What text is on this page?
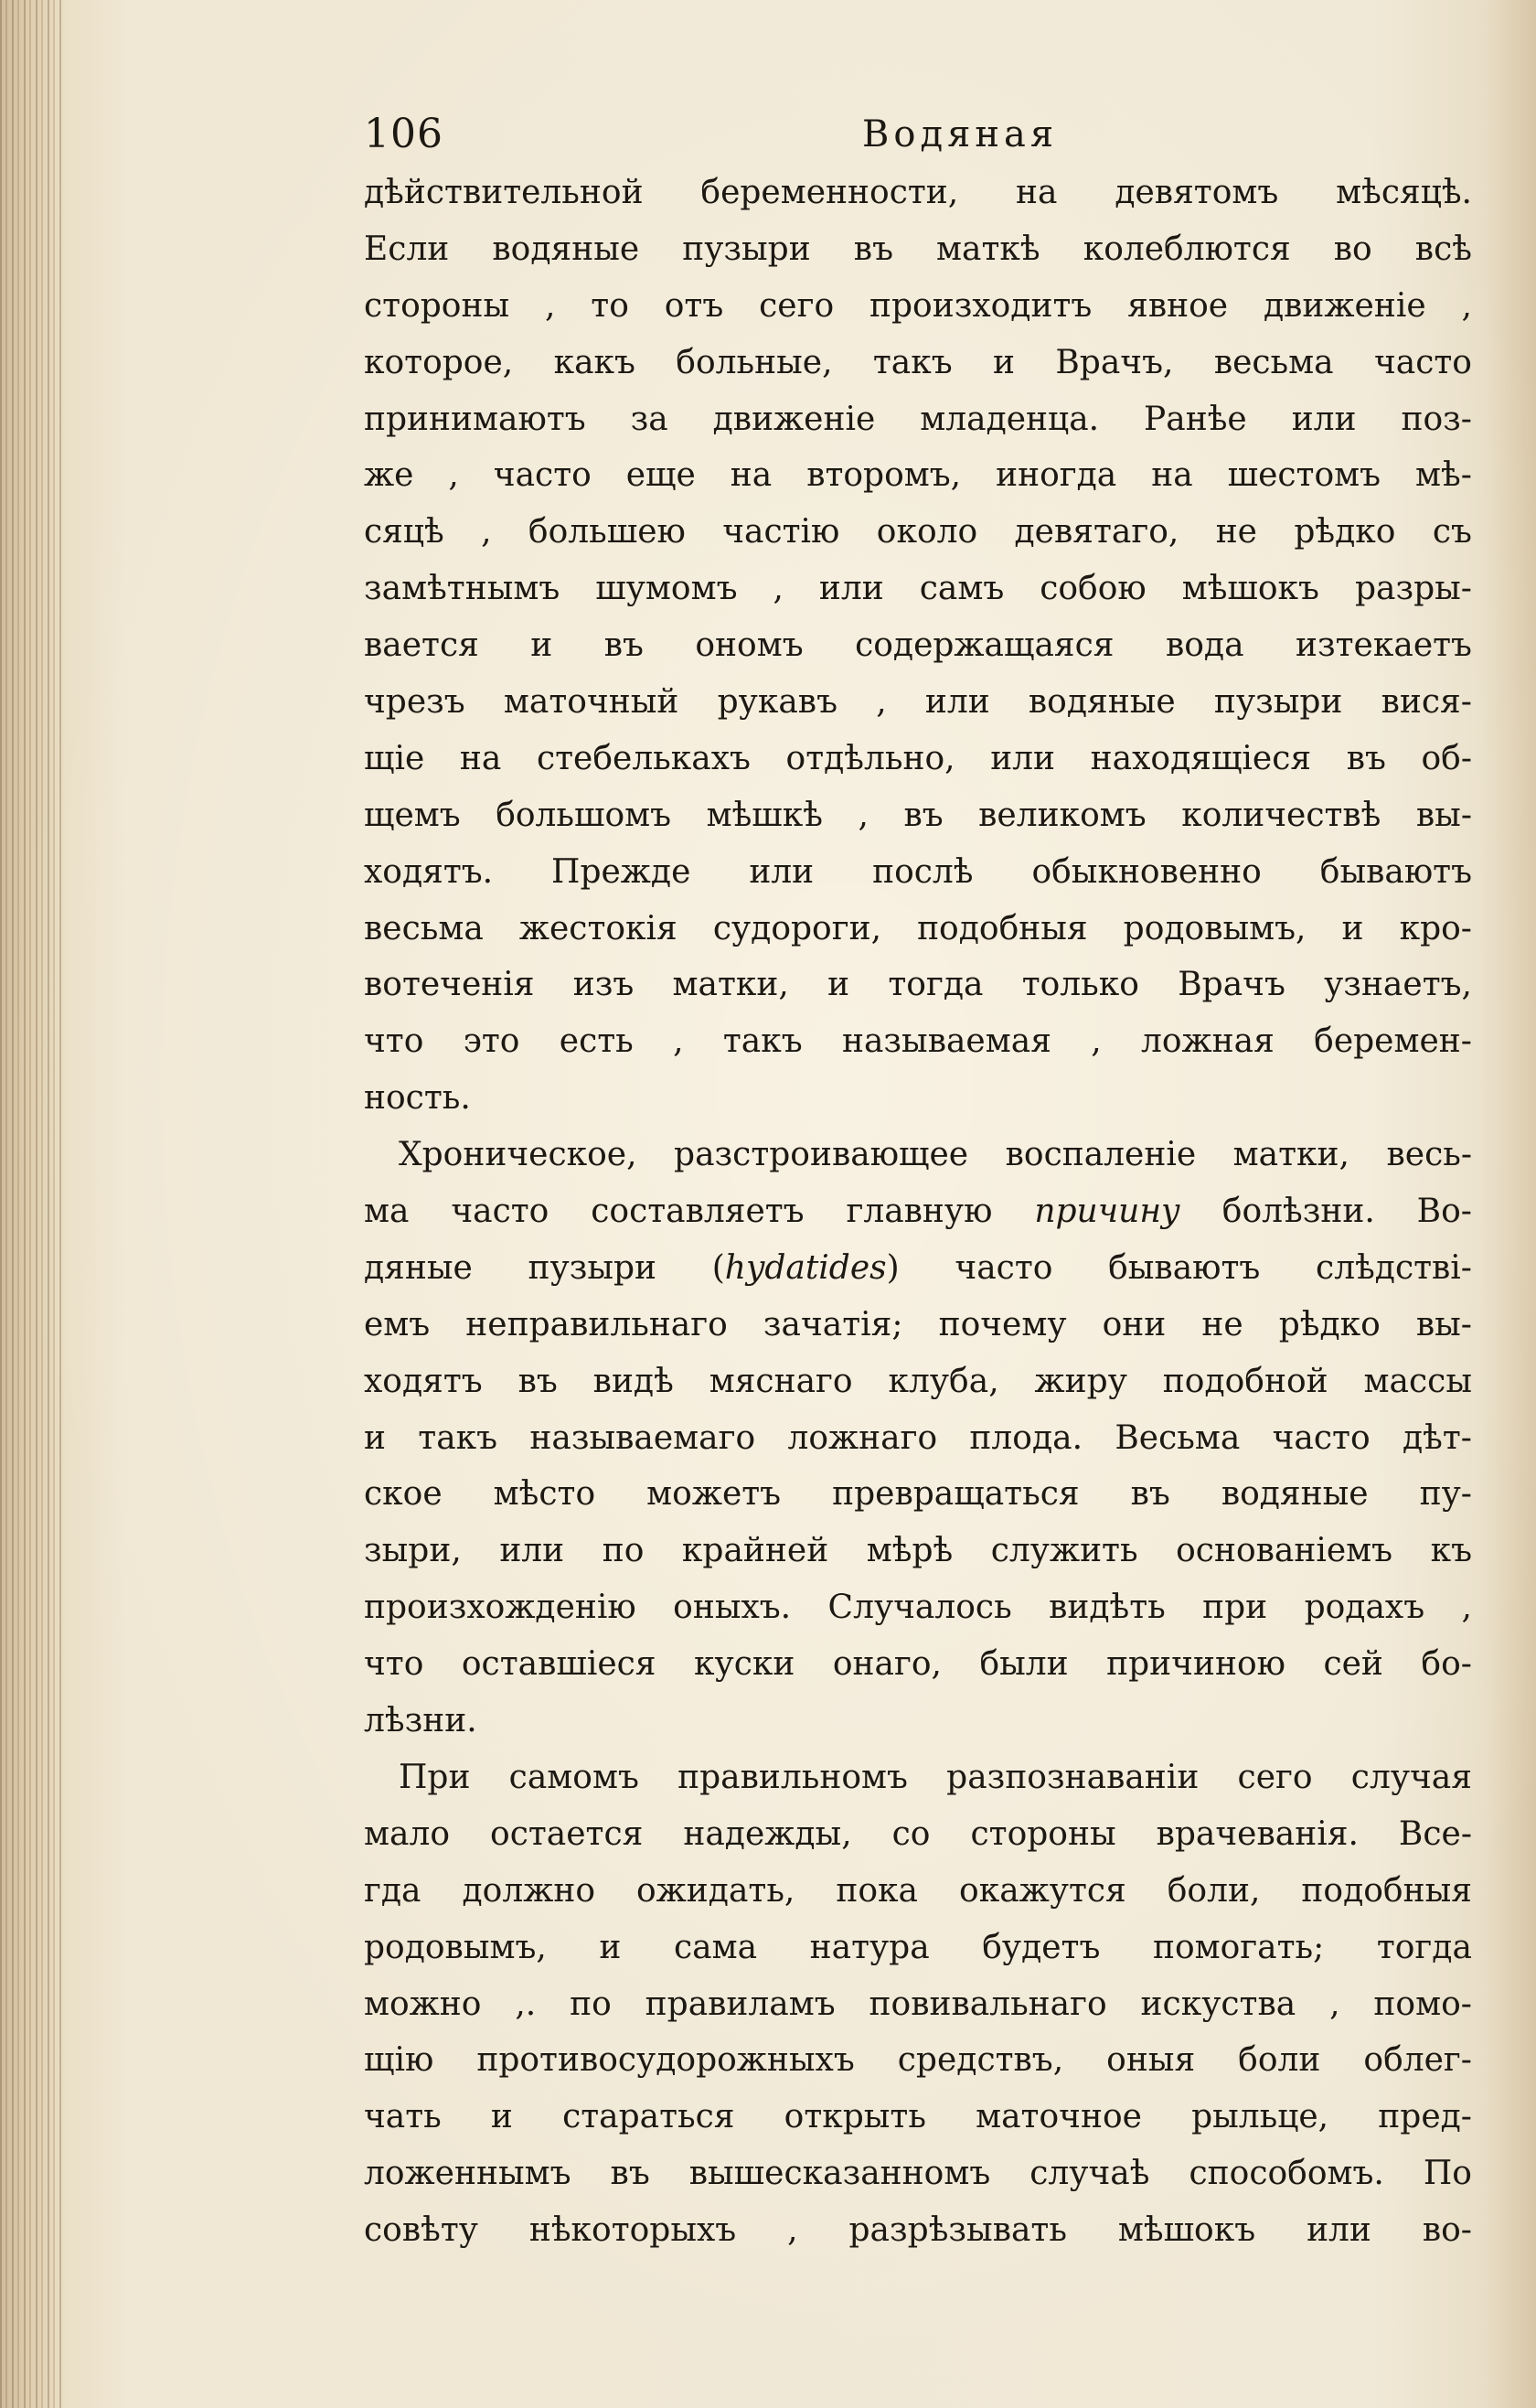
106	Водяная
дѣйствительной беременности, на девятомъ мѣсяцѣ.
Если водяные пузыри въ маткѣ колеблются во всѣ
стороны , то отъ сего произходитъ явное движеніе ,
которое, какъ больные, такъ и Врачъ, весьма часто
принимаютъ за движеніе младенца. Ранѣе или поз-
же , часто еще на второмъ, иногда на шестомъ мѣ-
сяцѣ , большею частію около девятаго, не рѣдко съ
замѣтнымъ шумомъ , или самъ собою мѣшокъ разры-
вается и въ ономъ содержащаяся вода изтекаетъ
чрезъ маточный рукавъ , или водяные пузыри вися-
щіе на стебелькахъ отдѣльно, или находящіеся въ об-
щемъ большомъ мѣшкѣ , въ великомъ количествѣ вы-
ходятъ. Прежде или послѣ обыкновенно бываютъ
весьма жестокія судороги, подобныя родовымъ, и кро-
вотеченія изъ матки, и тогда только Врачъ узнаетъ,
что это есть , такъ называемая , ложная беремен-
ность.
Хроническое, разстроивающее воспаленіе матки, весь-
ма часто составляетъ главную причину болѣзни. Во-
дяные пузыри (hydatides) часто бываютъ слѣдстві-
емъ неправильнаго зачатія; почему они не рѣдко вы-
ходятъ въ видѣ мяснаго клуба, жиру подобной массы
и такъ называемаго ложнаго плода. Весьма часто дѣт-
ское мѣсто можетъ превращаться въ водяные пу-
зыри, или по крайней мѣрѣ служить основаніемъ къ
произхожденію оныхъ. Случалось видѣть при родахъ ,
что оставшіеся куски онаго, были причиною сей бо-
лѣзни.
При самомъ правильномъ разпознаваніи сего случая
мало остается надежды, со стороны врачеванія. Все-
гда должно ожидать, пока окажутся боли, подобныя
родовымъ, и сама натура будетъ помогать; тогда
можно ,. по правиламъ повивальнаго искуства , помо-
щію противосудорожныхъ средствъ, оныя боли облег-
чать и стараться открыть маточное рыльце, пред-
ложеннымъ въ вышесказанномъ случаѣ способомъ. По
совѣту нѣкоторыхъ , разрѣзывать мѣшокъ или во-
